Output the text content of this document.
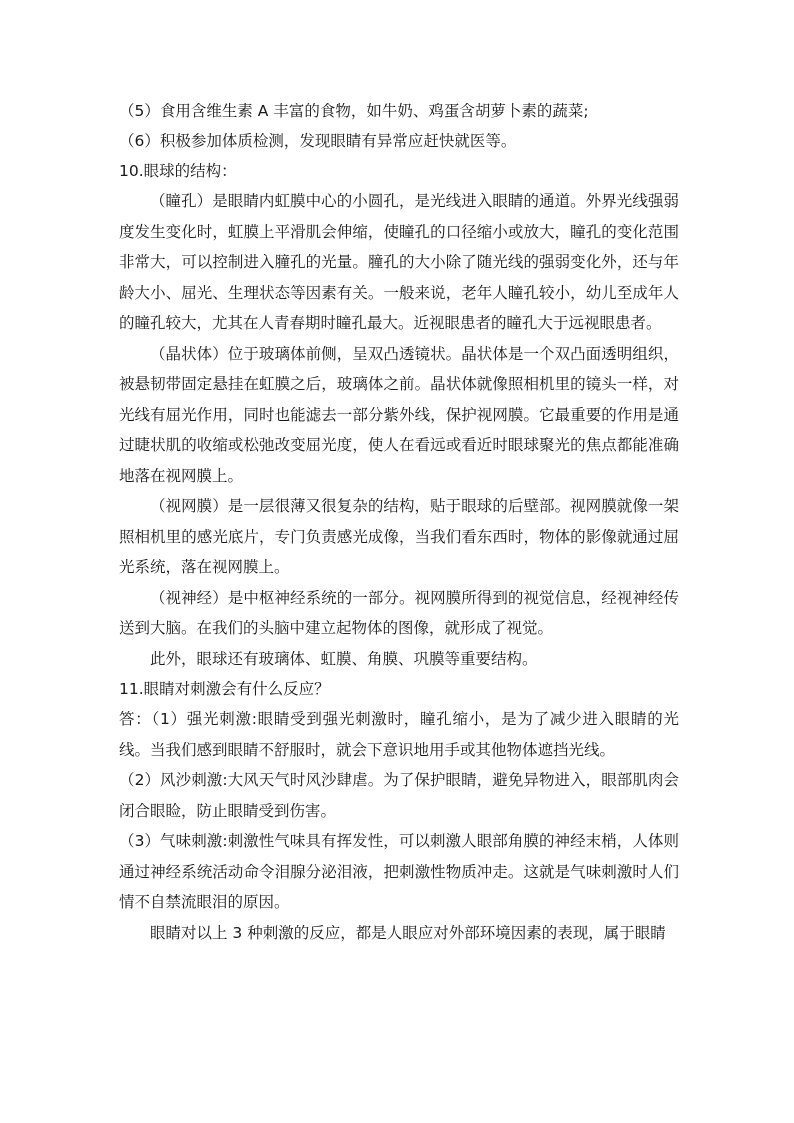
（5）食用含维生素 A 丰富的食物，如牛奶、鸡蛋含胡萝卜素的蔬菜;

（6）积极参加体质检测，发现眼睛有异常应赶快就医等。

10.眼球的结构：

（瞳孔）是眼睛内虹膜中心的小圆孔，是光线进入眼睛的通道。外界光线强弱度发生变化时，虹膜上平滑肌会伸缩，使瞳孔的口径缩小或放大，瞳孔的变化范围非常大，可以控制进入膧孔的光量。膧孔的大小除了随光线的强弱变化外，还与年龄大小、屈光、生理状态等因素有关。一般来说，老年人瞳孔较小，幼儿至成年人的瞳孔较大，尤其在人青春期时瞳孔最大。近视眼患者的瞳孔大于远视眼患者。

（晶状体）位于玻璃体前侧，呈双凸透镜状。晶状体是一个双凸面透明组织，被悬韧带固定悬挂在虹膜之后，玻璃体之前。晶状体就像照相机里的镜头一样，对光线有屈光作用，同时也能滤去一部分紫外线，保护视网膜。它最重要的作用是通过睫状肌的收缩或松弛改变屈光度，使人在看远或看近时眼球聚光的焦点都能准确地落在视网膜上。

（视网膜）是一层很薄又很复杂的结构，贴于眼球的后壁部。视网膜就像一架照相机里的感光底片，专门负责感光成像，当我们看东西时，物体的影像就通过屈光系统，落在视网膜上。

（视神经）是中枢神经系统的一部分。视网膜所得到的视觉信息，经视神经传送到大脑。在我们的头脑中建立起物体的图像，就形成了视觉。

此外，眼球还有玻璃体、虹膜、角膜、巩膜等重要结构。

11.眼睛对刺激会有什么反应？

答：（1）强光刺激:眼睛受到强光刺激时，瞳孔缩小，是为了减少进入眼睛的光线。当我们感到眼睛不舒服时，就会下意识地用手或其他物体遮挡光线。

（2）风沙刺激:大风天气时风沙肆虐。为了保护眼睛，避免异物进入，眼部肌肉会闭合眼睑，防止眼睛受到伤害。

（3）气味刺激:刺激性气味具有挥发性，可以刺激人眼部角膜的神经末梢，人体则通过神经系统活动命令泪腺分泌泪液，把刺激性物质冲走。这就是气味刺激时人们情不自禁流眼泪的原因。

眼睛对以上 3 种刺激的反应，都是人眼应对外部环境因素的表现，属于眼睛
